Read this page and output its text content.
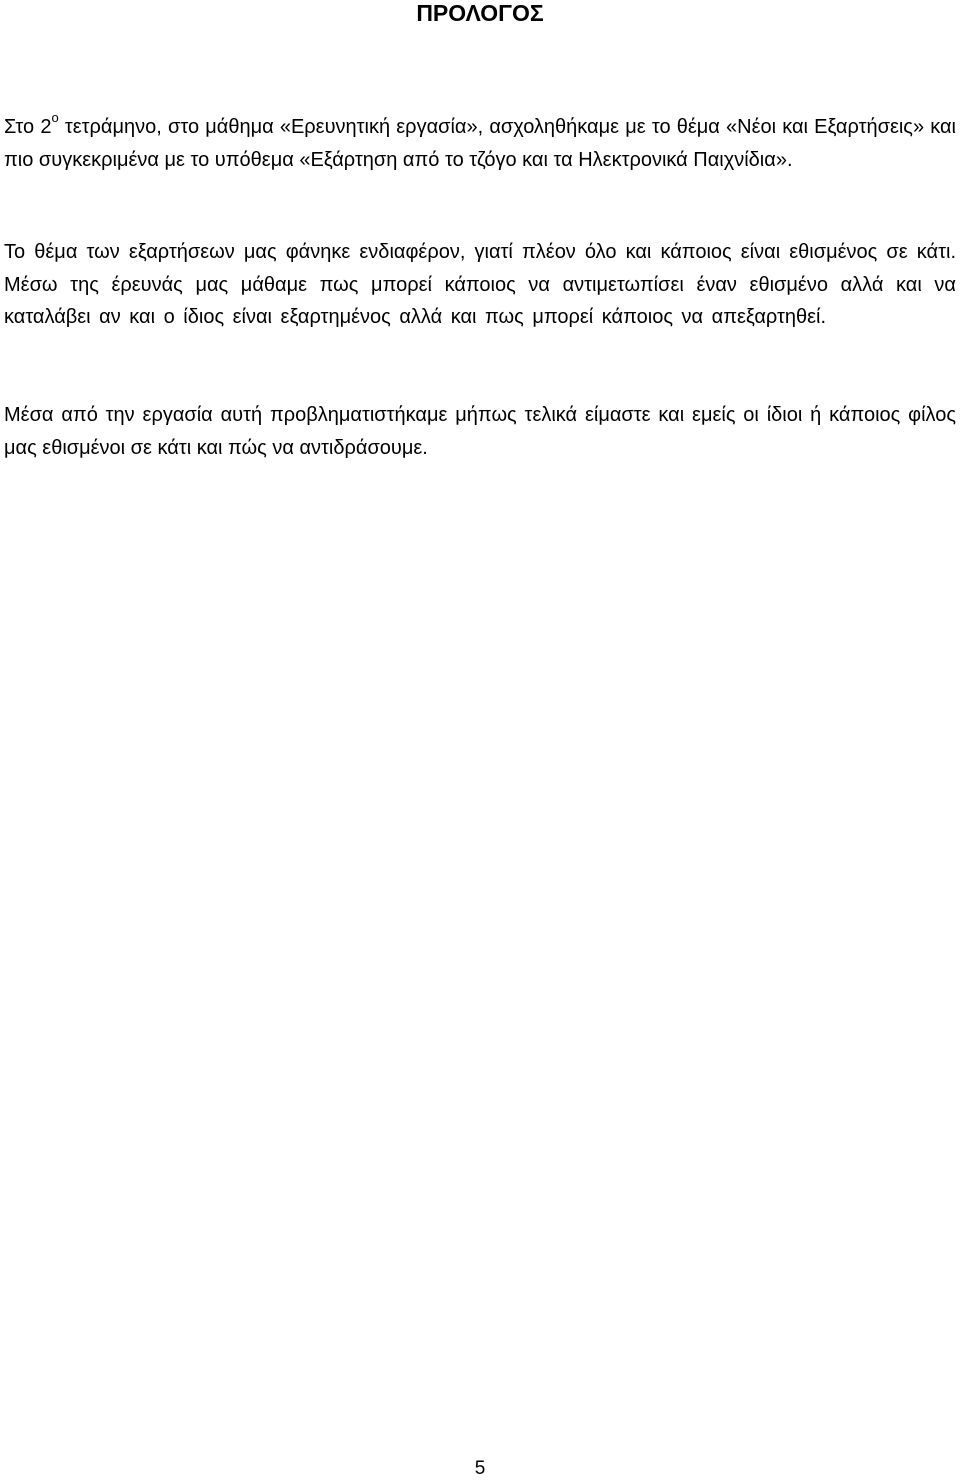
ΠΡΟΛΟΓΟΣ

Στο $2^o$ τετράμηνο, στο μάθημα «Ερευνητική εργασία», ασχοληθήκαμε με το θέμα «Νέοι και Εξαρτήσεις» και πιο συγκεκριμένα με το υπόθεμα «Εξάρτηση από το τζόγο και τα Ηλεκτρονικά Παιχνίδια».

Το θέμα των εξαρτήσεων μας φάνηκε ενδιαφέρον, γιατί πλέον όλο και κάποιος είναι εθισμένος σε κάτι. Μέσω της έρευνάς μας μάθαμε πως μπορεί κάποιος να αντιμετωπίσει έναν εθισμένο αλλά και να καταλάβει αν και ο ίδιος είναι εξαρτημένος αλλά και πως μπορεί κάποιος να απεξαρτηθεί.

Μέσα από την εργασία αυτή προβληματιστήκαμε μήπως τελικά είμαστε και εμείς οι ίδιοι ή κάποιος φίλος μας εθισμένοι σε κάτι και πώς να αντιδράσουμε.

5
